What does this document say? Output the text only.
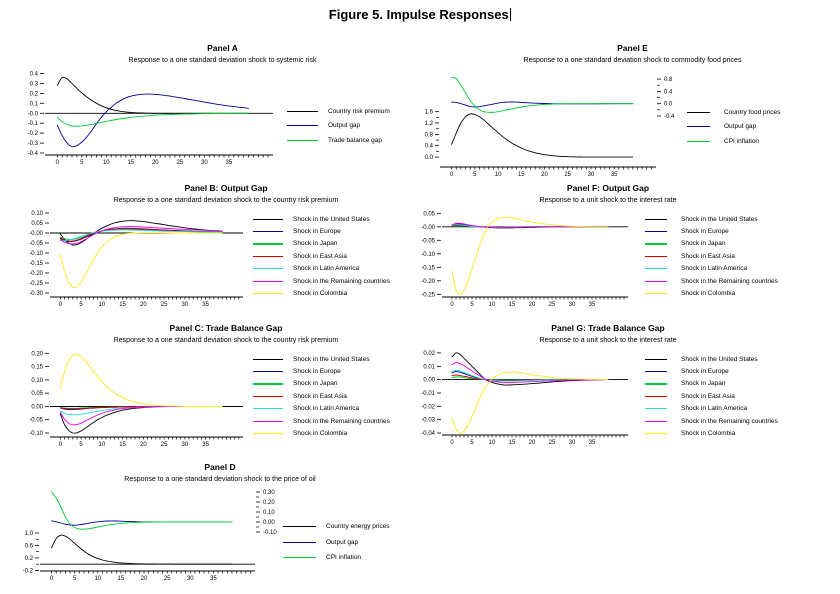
Figure 5. Impulse Responses
Panel A
Response to a one standard deviation shock to systemic risk
0	5	10	15	20	25	30	35
0.4
0.3
0.2
0.1
-0.0
-0.1
-0.2
-0.3
-0.4
Country risk premium
Output gap
Trade balance gap
Panel E
Response to a one standard deviation shock to commodity food prices
0	5	10	15	20	25	30	35
1.6
1.2
0.8
0.4
0.0
0.8
0.4
0.0
-0.4
Country food prices
Output gap
CPI inflation
Panel B: Output Gap
Response to a one standard deviation shock to the country risk premium
0	5	10 15 20 25 30 35
0.10
0.05
-0.00
-0.05
-0.10
-0.15
-0.20
-0.25
-0.30
Shock in the United States
Shock in Europe
Shock in Japan
Shock in East Asia
Shock in Latin America
Shock in the Remaining countries
Shock in Colombia
Panel F: Output Gap
Response to a unit shock to the interest rate
0	5 10 15 20 25 30 35
0.05
-0.00
-0.05
-0.10
-0.15
-0.20
-0.25
Shock in the United States
Shock in Europe
Shock in Japan
Shock in East Asia
Shock in Latin America
Shock in the Remaining countries
Shock in Colombia
Panel C: Trade Balance Gap
Response to a one standard deviation shock to the country risk premium
0	5	10 15 20 25 30 35
0.20
0.15
0.10
0.05
0.00
-0.05
-0.10
Shock in the United States
Shock in Europe
Shock in Japan
Shock in East Asia
Shock in Latin America
Shock in the Remaining countries
Shock in Colombia
Panel G: Trade Balance Gap
Response to a unit shock to the interest rate
0	5 10 15 20 25 30 35
0.02
0.01
0.00
-0.01
-0.02
-0.03
-0.04
Shock in the United States
Shock in Europe
Shock in Japan
Shock in East Asia
Shock in Latin America
Shock in the Remaining countries
Shock in Colombia
Panel D
Response to a one standard deviation shock to the price of oil
0	5	10	15	20	25	30	35
1.0
0.6
0.2
-0.2
0.30
0.20
0.10
0.00
-0.10
Country energy prices
Output gap
CPI inflation
